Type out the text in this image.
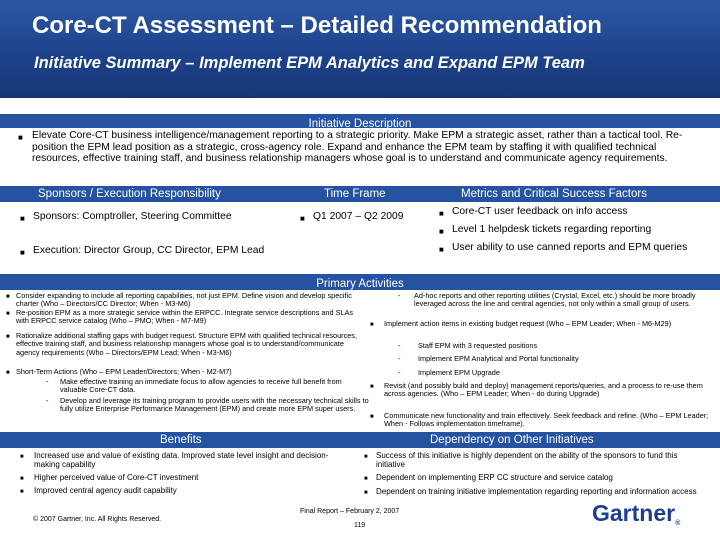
Core-CT Assessment – Detailed Recommendation
Initiative Summary – Implement EPM Analytics and Expand EPM Team
Initiative Description
■ Elevate Core-CT business intelligence/management reporting to a strategic priority. Make EPM a strategic asset, rather than a tactical tool. Re-position the EPM lead position as a strategic, cross-agency role. Expand and enhance the EPM team by staffing it with qualified technical resources, effective training staff, and business relationship managers whose goal is to understand and communicate agency requirements.
Sponsors / Execution Responsibility	Time Frame	Metrics and Critical Success Factors
■ Sponsors: Comptroller, Steering Committee
■ Execution: Director Group, CC Director, EPM Lead
■ Q1 2007 – Q2 2009	■ Core-CT user feedback on info access
■ Level 1 helpdesk tickets regarding reporting
■ User ability to use canned reports and EPM queries
Primary Activities
■ Consider expanding to include all reporting capabilities, not just EPM. Define vision and develop specific charter (Who – Directors/CC Director; When - M3-M6)
■ Re-position EPM as a more strategic service within the ERPCC. Integrate service descriptions and SLAs with ERPCC service catalog (Who – PMO; When - M7-M9)
■ Rationalize additional staffing gaps with budget request. Structure EPM with qualified technical resources, effective training staff, and business relationship managers whose goal is to understand/communicate agency requirements (Who – Directors/EPM Lead; When - M3-M6)
■ Short-Term Actions (Who – EPM Leader/Directors; When - M2-M7)
- Make effective training an immediate focus to allow agencies to receive full benefit from valuable Core-CT data.
- Develop and leverage its training program to provide users with the necessary technical skills to fully utilize Enterprise Performance Management (EPM) and create more EPM super users.
- Ad-hoc reports and other reporting utilities (Crystal, Excel, etc.) should be more broadly leveraged across the line and central agencies, not only within a small group of users.
■ Implement action items in existing budget request (Who – EPM Leader; When - M6-M29)
- Staff EPM with 3 requested positions
- Implement EPM Analytical and Portal functionality
- Implement EPM Upgrade
■ Revisit (and possibly build and deploy) management reports/queries, and a process to re-use them across agencies. (Who – EPM Leader; When - do during Upgrade)
■ Communicate new functionality and train effectively. Seek feedback and refine. (Who – EPM Leader; When - Follows implementation timeframe).
Benefits	Dependency on Other Initiatives
■ Increased use and value of existing data. Improved state level insight and decision-making capability
■ Higher perceived value of Core-CT investment
■ Improved central agency audit capability
■ Success of this initiative is highly dependent on the ability of the sponsors to fund this initiative
■ Dependent on implementing ERP CC structure and service catalog
■ Dependent on training initiative implementation regarding reporting and information access
© 2007 Gartner, Inc. All Rights Reserved.
Final Report – February 2, 2007
119	Gartner®
